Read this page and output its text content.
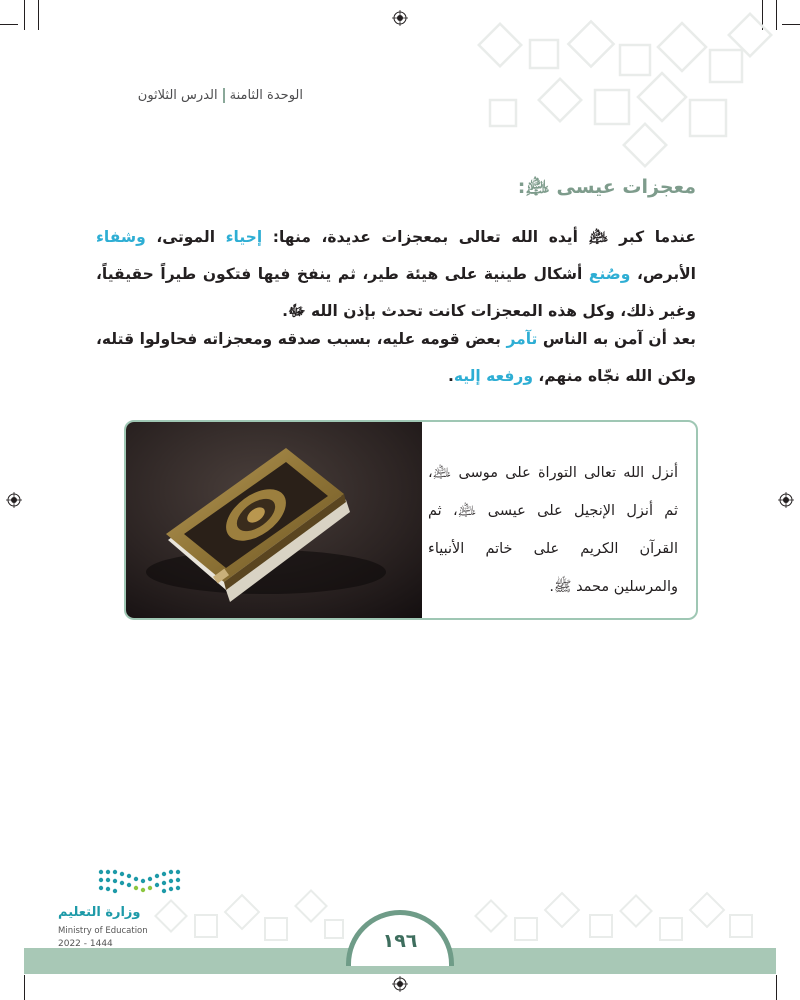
الوحدة الثامنةالدرس الثلاثون
معجزات عيسى ﵇:
عندما كبر ﵇ أيده الله تعالى بمعجزات عديدة، منها: إحياء الموتى، وشفاء الأبرص، وصُنع أشكال طينية على هيئة طير، ثم ينفخ فيها فتكون طيراً حقيقياً، وغير ذلك، وكل هذه المعجزات كانت تحدث بإذن الله ﷻ.
بعد أن آمن به الناس تآمر بعض قومه عليه، بسبب صدقه ومعجزاته فحاولوا قتله، ولكن الله نجّاه منهم، ورفعه إليه.
أنزل الله تعالى التوراة على موسى ﵇، ثم أنزل الإنجيل على عيسى ﵇، ثم القرآن الكريم على خاتم الأنبياء والمرسلين محمد ﷺ.
١٩٦
وزارة التعليم
Ministry of Education
2022 - 1444
